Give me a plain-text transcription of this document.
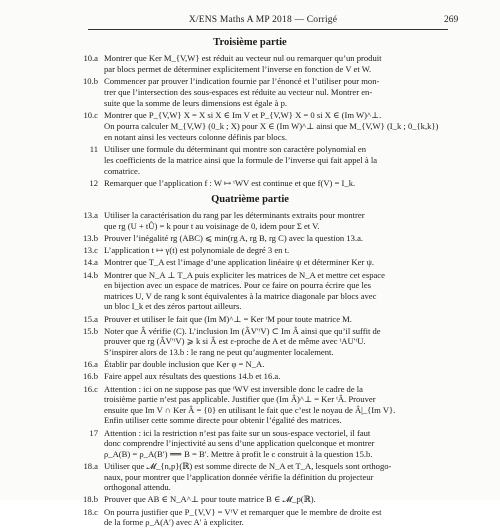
X/ENS Maths A MP 2018 — Corrigé	269
Troisième partie
10.a Montrer que Ker M_{V,W} est réduit au vecteur nul ou remarquer qu’un produit
par blocs permet de déterminer explicitement l’inverse en fonction de V et W.
10.b Commencer par prouver l’indication fournie par l’énoncé et l’utiliser pour mon-
trer que l’intersection des sous-espaces est réduite au vecteur nul. Montrer en-
suite que la somme de leurs dimensions est égale à p.
10.c Montrer que P_{V,W} X = X si X ∈ Im V et P_{V,W} X = 0 si X ∈ (Im W)^⊥.
On pourra calculer M_{V,W} (0_k ; X) pour X ∈ (Im W)^⊥ ainsi que M_{V,W} (I_k ; 0_{k,k})
en notant ainsi les vecteurs colonne définis par blocs.
11 Utiliser une formule du déterminant qui montre son caractère polynomial en
les coefficients de la matrice ainsi que la formule de l’inverse qui fait appel à la
comatrice.
12 Remarquer que l’application f : W ↦ ᵗWV est continue et que f(V) = I_k.
Quatrième partie
13.a Utiliser la caractérisation du rang par les déterminants extraits pour montrer
que rg (U + tÛ) = k pour t au voisinage de 0, idem pour Σ et V.
13.b Prouver l’inégalité rg (ABC) ⩽ min(rg A, rg B, rg C) avec la question 13.a.
13.c L’application t ↦ γ(t) est polynomiale de degré 3 en t.
14.a Montrer que T_A est l’image d’une application linéaire ψ et déterminer Ker ψ.
14.b Montrer que N_A ⊥ T_A puis expliciter les matrices de N_A et mettre cet espace
en bijection avec un espace de matrices. Pour ce faire on pourra écrire que les
matrices U, V de rang k sont équivalentes à la matrice diagonale par blocs avec
un bloc I_k et des zéros partout ailleurs.
15.a Prouver et utiliser le fait que (Im M)^⊥ = Ker ᵗM pour toute matrice M.
15.b Noter que Â vérifie (C). L’inclusion Im (ÂV′ᵗV) ⊂ Im Â ainsi que qu’il suffit de
prouver que rg (ÂV′ᵗV) ⩾ k si Â est ε-proche de A et de même avec ᵗAU′ᵗU.
S’inspirer alors de 13.b : le rang ne peut qu’augmenter localement.
16.a Établir par double inclusion que Ker φ = N_A.
16.b Faire appel aux résultats des questions 14.b et 16.a.
16.c Attention : ici on ne suppose pas que ᵗWV est inversible donc le cadre de la
troisième partie n’est pas applicable. Justifier que (Im Â)^⊥ = Ker ᵗÂ. Prouver
ensuite que Im V ∩ Ker Â = {0} en utilisant le fait que c’est le noyau de Â|_{Im V}.
Enfin utiliser cette somme directe pour obtenir l’égalité des matrices.
17 Attention : ici la restriction n’est pas faite sur un sous-espace vectoriel, il faut
donc comprendre l’injectivité au sens d’une application quelconque et montrer
ρ_A(B) = ρ_A(B′) ⟹ B = B′. Mettre à profit le c construit à la question 15.b.
18.a Utiliser que 𝓜_{n,p}(ℝ) est somme directe de N_A et T_A, lesquels sont orthogo-
naux, pour montrer que l’application donnée vérifie la définition du projecteur
orthogonal attendu.
18.b Prouver que AB ∈ N_A^⊥ pour toute matrice B ∈ 𝓜_p(ℝ).
18.c On pourra justifier que P_{V,V} = VᵗV et remarquer que le membre de droite est
de la forme ρ_A(A′) avec A′ à expliciter.
